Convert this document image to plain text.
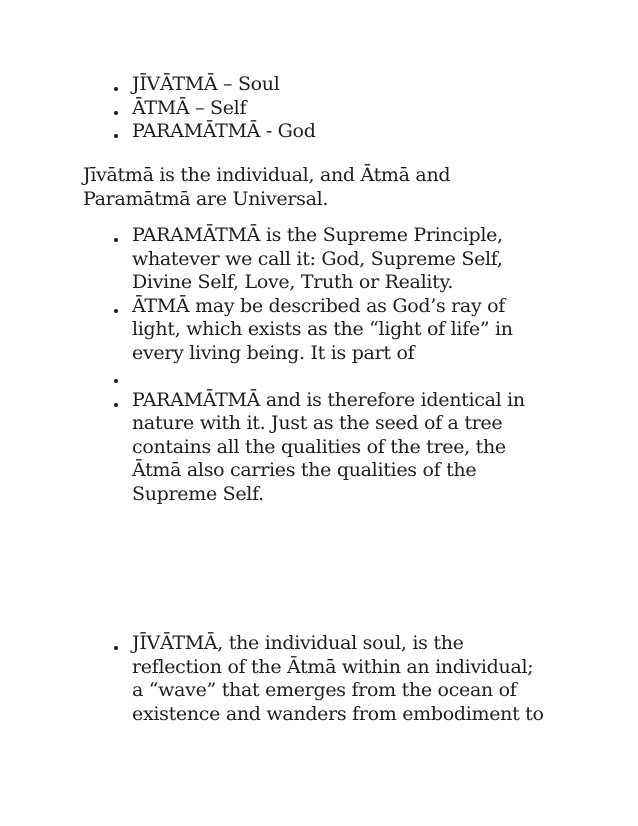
JĪVĀTMĀ – Soul
ĀTMĀ – Self
PARAMĀTMĀ - God

Jīvātmā is the individual, and Ātmā and
Paramātmā are Universal.

PARAMĀTMĀ is the Supreme Principle,
whatever we call it: God, Supreme Self,
Divine Self, Love, Truth or Reality.
ĀTMĀ may be described as God’s ray of
light, which exists as the “light of life” in
every living being. It is part of
PARAMĀTMĀ and is therefore identical in
nature with it. Just as the seed of a tree
contains all the qualities of the tree, the
Ātmā also carries the qualities of the
Supreme Self.
JĪVĀTMĀ, the individual soul, is the
reflection of the Ātmā within an individual;
a “wave” that emerges from the ocean of
existence and wanders from embodiment to
